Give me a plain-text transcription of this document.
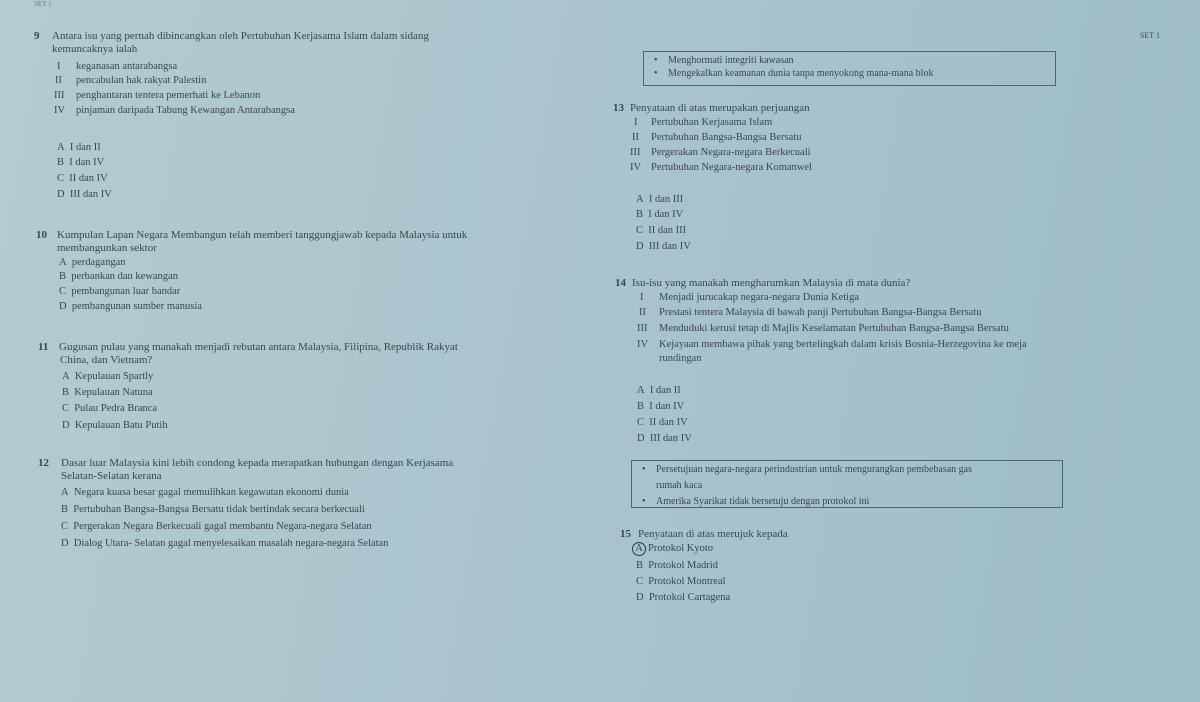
SET 1
SET 1
9 Antara isu yang pernah dibincangkan oleh Pertubuhan Kerjasama Islam dalam sidang
kemuncaknya ialah
I keganasan antarabangsa
II pencabulan hak rakyat Palestin
III penghantaran tentera pemerhati ke Lebanon
IV pinjaman daripada Tabung Kewangan Antarabangsa
A I dan II
B I dan IV
C II dan IV
D III dan IV
10 Kumpulan Lapan Negara Membangun telah memberi tanggungjawab kepada Malaysia untuk
membangunkan sektor
A perdagangan
B perbankan dan kewangan
C pembangunan luar bandar
D pembangunan sumber manusia
11 Gugusan pulau yang manakah menjadi rebutan antara Malaysia, Filipina, Republik Rakyat
China, dan Vietnam?
A Kepulauan Spartly
B Kepulauan Natuna
C Pulau Pedra Branca
D Kepulauan Batu Putih
12 Dasar luar Malaysia kini lebih condong kepada merapatkan hubungan dengan Kerjasama
Selatan-Selatan kerana
A Negara kuasa besar gagal memulihkan kegawatan ekonomi dunia
B Pertubuhan Bangsa-Bangsa Bersatu tidak bertindak secara berkecuali
C Pergerakan Negara Berkecuali gagal membantu Negara-negara Selatan
D Dialog Utara- Selatan gagal menyelesaikan masalah negara-negara Selatan
• Menghormati integriti kawasan
• Mengekalkan keamanan dunia tanpa menyokong mana-mana blok
13 Penyataan di atas merupakan perjuangan
I Pertubuhan Kerjasama Islam
II Pertubuhan Bangsa-Bangsa Bersatu
III Pergerakan Negara-negara Berkecuali
IV Pertubuhan Negara-negara Komanwel
A I dan III
B I dan IV
C II dan III
D III dan IV
14 Isu-isu yang manakah mengharumkan Malaysia di mata dunia?
I Menjadi jurucakap negara-negara Dunia Ketiga
II Prestasi tentera Malaysia di bawah panji Pertubuhan Bangsa-Bangsa Bersatu
III Menduduki kerusi tetap di Majlis Keselamatan Pertubuhan Bangsa-Bangsa Bersatu
IV Kejayaan membawa pihak yang bertelingkah dalam krisis Bosnia-Herzegovina ke meja
rundingan
A I dan II
B I dan IV
C II dan IV
D III dan IV
• Persetujuan negara-negara perindustrian untuk mengurangkan pembebasan gas
rumah kaca
• Amerika Syarikat tidak bersetuju dengan protokol ini
15 Penyataan di atas merujuk kepada
A Protokol Kyoto
B Protokol Madrid
C Protokol Montreal
D Protokol Cartagena
